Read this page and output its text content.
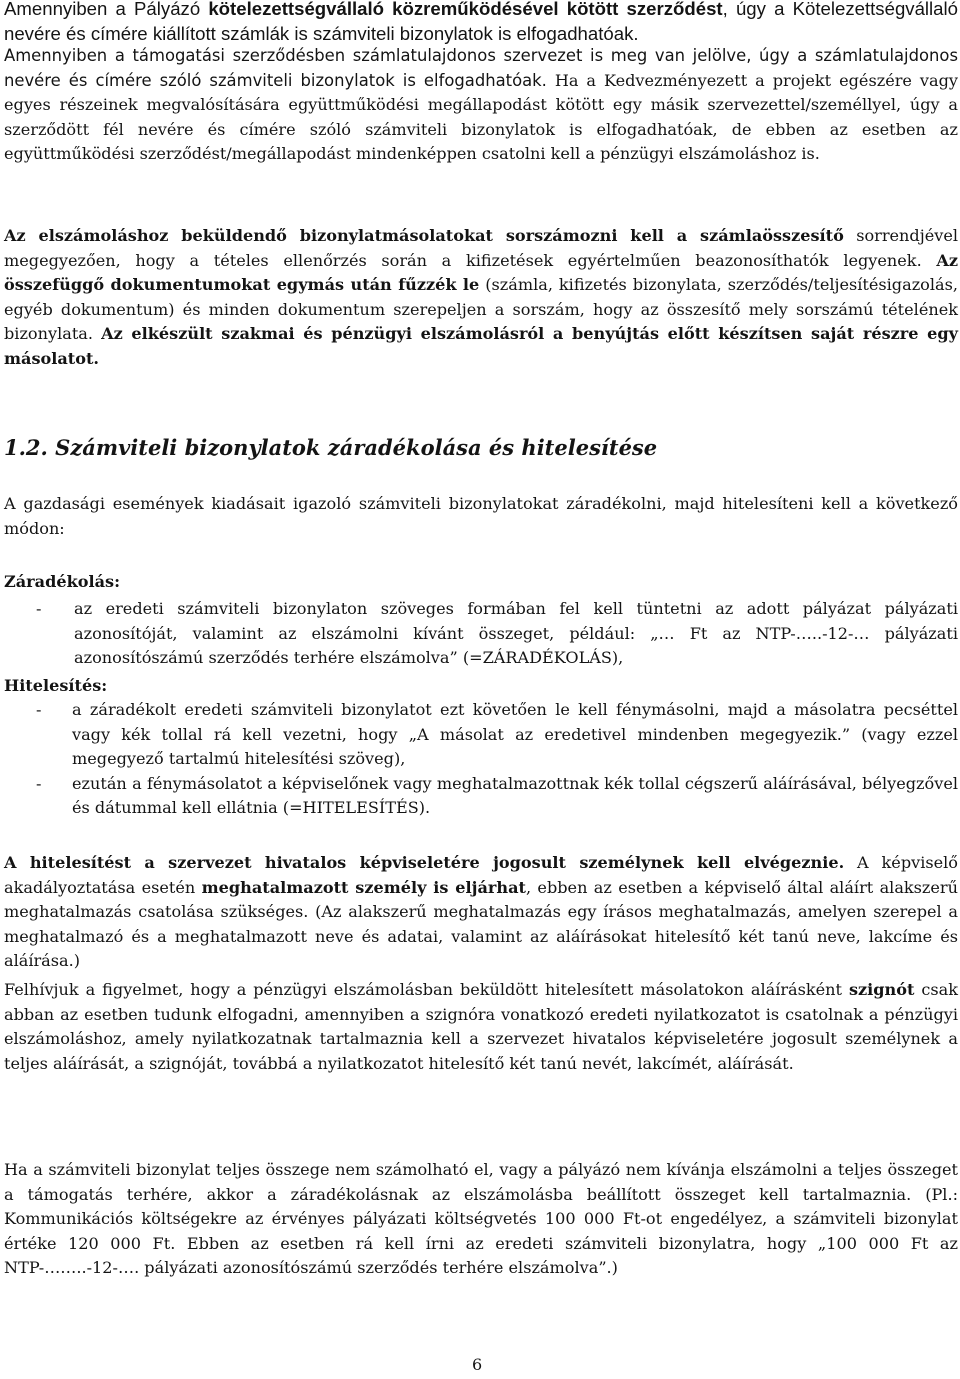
Amennyiben a Pályázó kötelezettségvállaló közreműködésével kötött szerződést, úgy a Kötelezettségvállaló nevére és címére kiállított számlák is számviteli bizonylatok is elfogadhatóak.

Amennyiben a támogatási szerződésben számlatulajdonos szervezet is meg van jelölve, úgy a számlatulajdonos nevére és címére szóló számviteli bizonylatok is elfogadhatóak. Ha a Kedvezményezett a projekt egészére vagy egyes részeinek megvalósítására együttműködési megállapodást kötött egy másik szervezettel/személlyel, úgy a szerződött fél nevére és címére szóló számviteli bizonylatok is elfogadhatóak, de ebben az esetben az együttműködési szerződést/megállapodást mindenképpen csatolni kell a pénzügyi elszámoláshoz is.

Az elszámoláshoz beküldendő bizonylatmásolatokat sorszámozni kell a számlaösszesítő sorrendjével megegyezően, hogy a tételes ellenőrzés során a kifizetések egyértelműen beazonosíthatók legyenek. Az összefüggő dokumentumokat egymás után fűzzék le (számla, kifizetés bizonylata, szerződés/teljesítésigazolás, egyéb dokumentum) és minden dokumentum szerepeljen a sorszám, hogy az összesítő mely sorszámú tételének bizonylata. Az elkészült szakmai és pénzügyi elszámolásról a benyújtás előtt készítsen saját részre egy másolatot.

1.2. Számviteli bizonylatok záradékolása és hitelesítése

A gazdasági események kiadásait igazoló számviteli bizonylatokat záradékolni, majd hitelesíteni kell a következő módon:

Záradékolás:

- az eredeti számviteli bizonylaton szöveges formában fel kell tüntetni az adott pályázat pályázati azonosítóját, valamint az elszámolni kívánt összeget, például: „… Ft az NTP-…..-12-… pályázati azonosítószámú szerződés terhére elszámolva” (=ZÁRADÉKOLÁS),

Hitelesítés:

- a záradékolt eredeti számviteli bizonylatot ezt követően le kell fénymásolni, majd a másolatra pecséttel vagy kék tollal rá kell vezetni, hogy „A másolat az eredetivel mindenben megegyezik.” (vagy ezzel megegyező tartalmú hitelesítési szöveg),

- ezután a fénymásolatot a képviselőnek vagy meghatalmazottnak kék tollal cégszerű aláírásával, bélyegzővel és dátummal kell ellátnia (=HITELESÍTÉS).

A hitelesítést a szervezet hivatalos képviseletére jogosult személynek kell elvégeznie. A képviselő akadályoztatása esetén meghatalmazott személy is eljárhat, ebben az esetben a képviselő által aláírt alakszerű meghatalmazás csatolása szükséges. (Az alakszerű meghatalmazás egy írásos meghatalmazás, amelyen szerepel a meghatalmazó és a meghatalmazott neve és adatai, valamint az aláírásokat hitelesítő két tanú neve, lakcíme és aláírása.)

Felhívjuk a figyelmet, hogy a pénzügyi elszámolásban beküldött hitelesített másolatokon aláírásként szignót csak abban az esetben tudunk elfogadni, amennyiben a szignóra vonatkozó eredeti nyilatkozatot is csatolnak a pénzügyi elszámoláshoz, amely nyilatkozatnak tartalmaznia kell a szervezet hivatalos képviseletére jogosult személynek a teljes aláírását, a szignóját, továbbá a nyilatkozatot hitelesítő két tanú nevét, lakcímét, aláírását.

Ha a számviteli bizonylat teljes összege nem számolható el, vagy a pályázó nem kívánja elszámolni a teljes összeget a támogatás terhére, akkor a záradékolásnak az elszámolásba beállított összeget kell tartalmaznia. (Pl.: Kommunikációs költségekre az érvényes pályázati költségvetés 100 000 Ft-ot engedélyez, a számviteli bizonylat értéke 120 000 Ft. Ebben az esetben rá kell írni az eredeti számviteli bizonylatra, hogy „100 000 Ft az NTP-……..-12-…. pályázati azonosítószámú szerződés terhére elszámolva”.)

6
